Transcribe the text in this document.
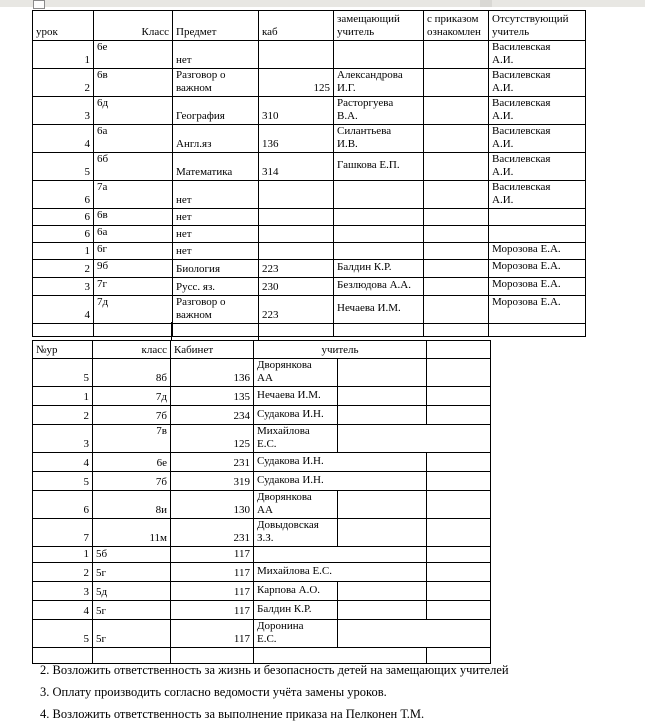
урок	Класс	Предмет	каб	замещающий учитель	с приказом ознакомлен	Отсутствующий учитель
1	6е	нет				Василевская А.И.
2	6в	Разговор о важном	125	Александрова И.Г.		Василевская А.И.
3	6д	География	310	Расторгуева В.А.		Василевская А.И.
4	6а	Англ.яз	136	Силантьева И.В.		Василевская А.И.
5	6б	Математика	314	Гашкова Е.П.		Василевская А.И.
6	7а	нет				Василевская А.И.
6	6в	нет				
6	6а	нет				
1	6г	нет				Морозова Е.А.
2	9б	Биология	223	Балдин К.Р.		Морозова Е.А.
3	7г	Русс. яз.	230	Безлюдова А.А.		Морозова Е.А.
4	7д	Разговор о важном	223	Нечаева И.М.		Морозова Е.А.

№ур	класс	Кабинет	учитель		
5	8б	136	Дворянкова АА		
1	7д	135	Нечаева И.М.		
2	7б	234	Судакова И.Н.		
3	7в	125	Михайлова Е.С.		
4	6е	231	Судакова И.Н.		
5	7б	319	Судакова И.Н.		
6	8и	130	Дворянкова АА		
7	11м	231	Довыдовская З.З.		
1	5б	117			
2	5г	117	Михайлова Е.С.		
3	5д	117	Карпова А.О.		
4	5г	117	Балдин К.Р.		
5	5г	117	Доронина Е.С.		

2. Возложить ответственность за жизнь и безопасность детей на замещающих учителей
3. Оплату производить согласно ведомости учёта замены уроков.
4. Возложить ответственность за выполнение приказа на Пелконен Т.М.
